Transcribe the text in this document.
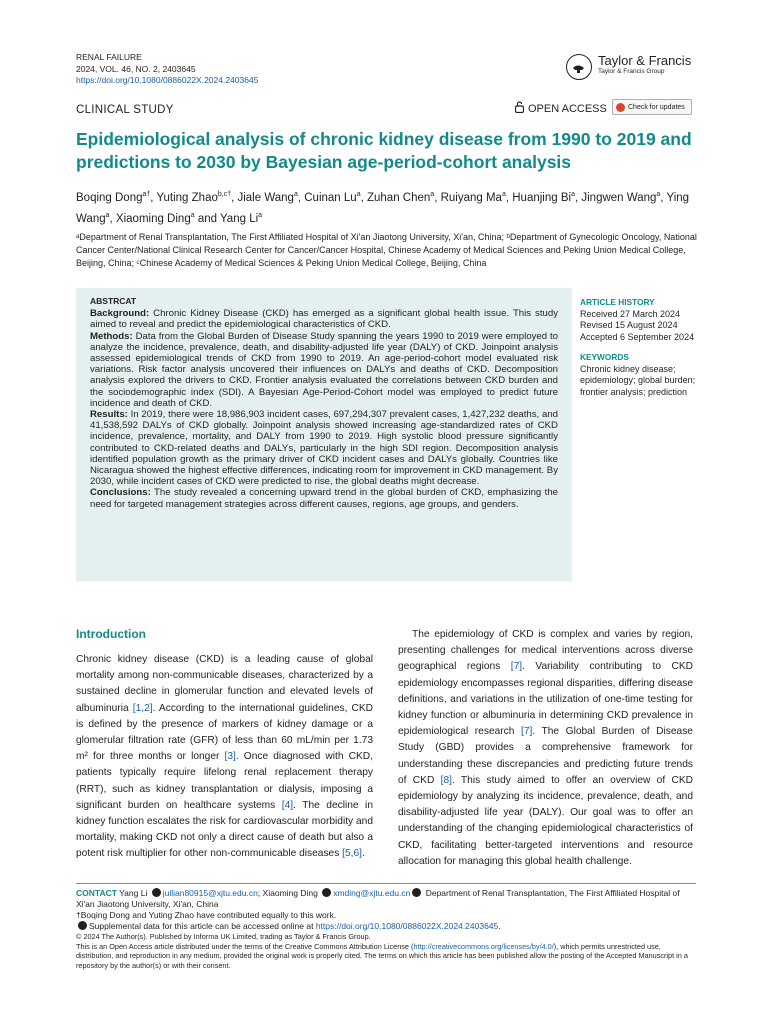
RENAL FAILURE
2024, VOL. 46, NO. 2, 2403645
https://doi.org/10.1080/0886022X.2024.2403645
Taylor & Francis
Taylor & Francis Group
CLINICAL STUDY	OPEN ACCESS	Check for updates
Epidemiological analysis of chronic kidney disease from 1990 to 2019 and predictions to 2030 by Bayesian age-period-cohort analysis
Boqing Dong$^{a\dagger}$, Yuting Zhao$^{b,c\dagger}$, Jiale Wang$^a$, Cuinan Lu$^a$, Zuhan Chen$^a$, Ruiyang Ma$^a$, Huanjing Bi$^a$, Jingwen Wang$^a$, Ying Wang$^a$, Xiaoming Ding$^a$ and Yang Li$^a$
ᵃDepartment of Renal Transplantation, The First Affiliated Hospital of Xi'an Jiaotong University, Xi'an, China; ᵇDepartment of Gynecologic Oncology, National Cancer Center/National Clinical Research Center for Cancer/Cancer Hospital, Chinese Academy of Medical Sciences and Peking Union Medical College, Beijing, China; ᶜChinese Academy of Medical Sciences & Peking Union Medical College, Beijing, China
ABSTRCAT
Background: Chronic Kidney Disease (CKD) has emerged as a significant global health issue. This study aimed to reveal and predict the epidemiological characteristics of CKD.
Methods: Data from the Global Burden of Disease Study spanning the years 1990 to 2019 were employed to analyze the incidence, prevalence, death, and disability-adjusted life year (DALY) of CKD. Joinpoint analysis assessed epidemiological trends of CKD from 1990 to 2019. An age-period-cohort model evaluated risk variations. Risk factor analysis uncovered their influences on DALYs and deaths of CKD. Decomposition analysis explored the drivers to CKD. Frontier analysis evaluated the correlations between CKD burden and the sociodemographic index (SDI). A Bayesian Age-Period-Cohort model was employed to predict future incidence and death of CKD.
Results: In 2019, there were 18,986,903 incident cases, 697,294,307 prevalent cases, 1,427,232 deaths, and 41,538,592 DALYs of CKD globally. Joinpoint analysis showed increasing age-standardized rates of CKD incidence, prevalence, mortality, and DALY from 1990 to 2019. High systolic blood pressure significantly contributed to CKD-related deaths and DALYs, particularly in the high SDI region. Decomposition analysis identified population growth as the primary driver of CKD incident cases and DALYs globally. Countries like Nicaragua showed the highest effective differences, indicating room for improvement in CKD management. By 2030, while incident cases of CKD were predicted to rise, the global deaths might decrease.
Conclusions: The study revealed a concerning upward trend in the global burden of CKD, emphasizing the need for targeted management strategies across different causes, regions, age groups, and genders.
ARTICLE HISTORY
Received 27 March 2024
Revised 15 August 2024
Accepted 6 September 2024
KEYWORDS
Chronic kidney disease; epidemiology; global burden; frontier analysis; prediction
Introduction
Chronic kidney disease (CKD) is a leading cause of global mortality among non-communicable diseases, characterized by a sustained decline in glomerular function and elevated levels of albuminuria [1,2]. According to the international guidelines, CKD is defined by the presence of markers of kidney damage or a glomerular filtration rate (GFR) of less than 60 mL/min per 1.73 m² for three months or longer [3]. Once diagnosed with CKD, patients typically require lifelong renal replacement therapy (RRT), such as kidney transplantation or dialysis, imposing a significant burden on healthcare systems [4]. The decline in kidney function escalates the risk for cardiovascular morbidity and mortality, making CKD not only a direct cause of death but also a potent risk multiplier for other non-communicable diseases [5,6].
The epidemiology of CKD is complex and varies by region, presenting challenges for medical interventions across diverse geographical regions [7]. Variability contributing to CKD epidemiology encompasses regional disparities, differing disease definitions, and variations in the utilization of one-time testing for kidney function or albuminuria in determining CKD prevalence in epidemiological research [7]. The Global Burden of Disease Study (GBD) provides a comprehensive framework for understanding these discrepancies and predicting future trends of CKD [8]. This study aimed to offer an overview of CKD epidemiology by analyzing its incidence, prevalence, death, and disability-adjusted life year (DALY). Our goal was to offer an understanding of the changing epidemiological characteristics of CKD, facilitating better-targeted interventions and resource allocation for managing this global health challenge.
CONTACT Yang Li jullian80915@xjtu.edu.cn; Xiaoming Ding xmding@xjtu.edu.cn Department of Renal Transplantation, The First Affiliated Hospital of Xi'an Jiaotong University, Xi'an, China
†Boqing Dong and Yuting Zhao have contributed equally to this work.
Supplemental data for this article can be accessed online at https://doi.org/10.1080/0886022X.2024.2403645.
© 2024 The Author(s). Published by Informa UK Limited, trading as Taylor & Francis Group.
This is an Open Access article distributed under the terms of the Creative Commons Attribution License (http://creativecommons.org/licenses/by/4.0/), which permits unrestricted use, distribution, and reproduction in any medium, provided the original work is properly cited. The terms on which this article has been published allow the posting of the Accepted Manuscript in a repository by the author(s) or with their consent.
